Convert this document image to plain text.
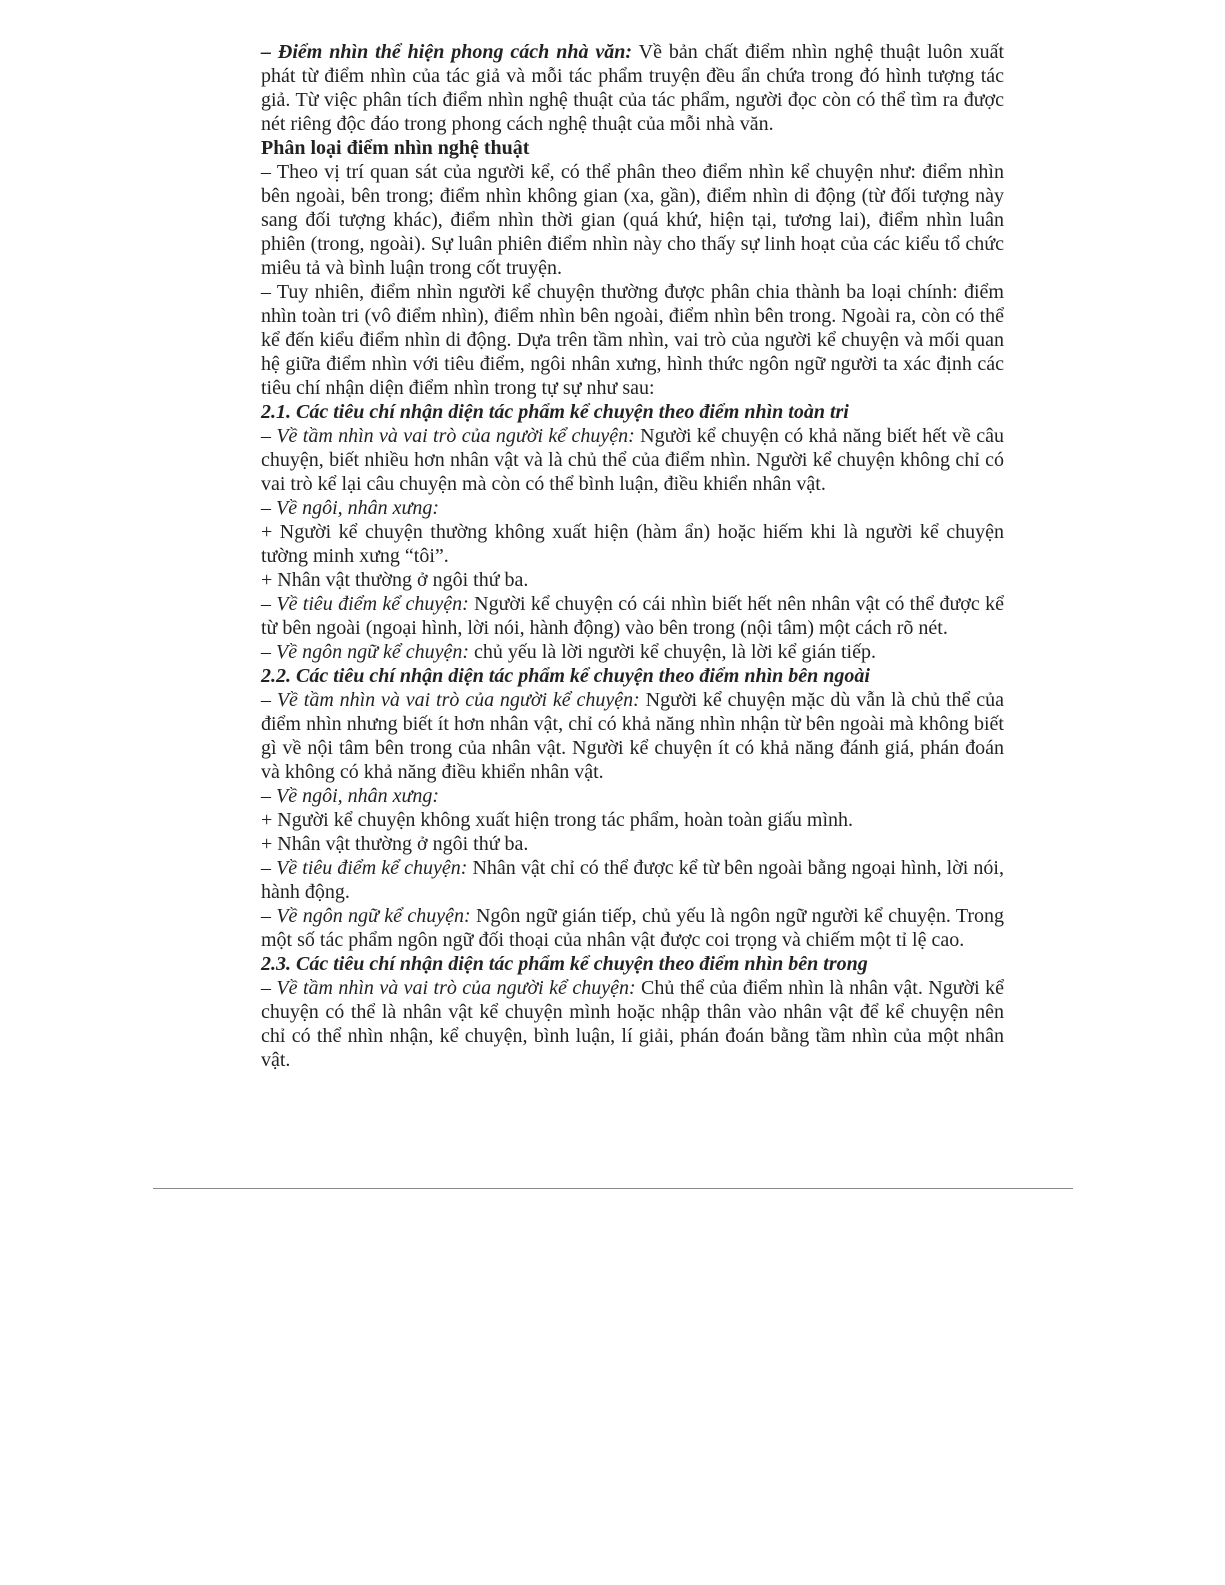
– Điểm nhìn thể hiện phong cách nhà văn: Về bản chất điểm nhìn nghệ thuật luôn xuất phát từ điểm nhìn của tác giả và mỗi tác phẩm truyện đều ẩn chứa trong đó hình tượng tác giả. Từ việc phân tích điểm nhìn nghệ thuật của tác phẩm, người đọc còn có thể tìm ra được nét riêng độc đáo trong phong cách nghệ thuật của mỗi nhà văn.

Phân loại điểm nhìn nghệ thuật

– Theo vị trí quan sát của người kể, có thể phân theo điểm nhìn kể chuyện như: điểm nhìn bên ngoài, bên trong; điểm nhìn không gian (xa, gần), điểm nhìn di động (từ đối tượng này sang đối tượng khác), điểm nhìn thời gian (quá khứ, hiện tại, tương lai), điểm nhìn luân phiên (trong, ngoài). Sự luân phiên điểm nhìn này cho thấy sự linh hoạt của các kiểu tổ chức miêu tả và bình luận trong cốt truyện.

– Tuy nhiên, điểm nhìn người kể chuyện thường được phân chia thành ba loại chính: điểm nhìn toàn tri (vô điểm nhìn), điểm nhìn bên ngoài, điểm nhìn bên trong. Ngoài ra, còn có thể kể đến kiểu điểm nhìn di động. Dựa trên tầm nhìn, vai trò của người kể chuyện và mối quan hệ giữa điểm nhìn với tiêu điểm, ngôi nhân xưng, hình thức ngôn ngữ người ta xác định các tiêu chí nhận diện điểm nhìn trong tự sự như sau:

2.1. Các tiêu chí nhận diện tác phẩm kể chuyện theo điểm nhìn toàn tri

– Về tầm nhìn và vai trò của người kể chuyện: Người kể chuyện có khả năng biết hết về câu chuyện, biết nhiều hơn nhân vật và là chủ thể của điểm nhìn. Người kể chuyện không chỉ có vai trò kể lại câu chuyện mà còn có thể bình luận, điều khiển nhân vật.

– Về ngôi, nhân xưng:

+ Người kể chuyện thường không xuất hiện (hàm ẩn) hoặc hiếm khi là người kể chuyện tường minh xưng “tôi”.

+ Nhân vật thường ở ngôi thứ ba.

– Về tiêu điểm kể chuyện: Người kể chuyện có cái nhìn biết hết nên nhân vật có thể được kể từ bên ngoài (ngoại hình, lời nói, hành động) vào bên trong (nội tâm) một cách rõ nét.

– Về ngôn ngữ kể chuyện: chủ yếu là lời người kể chuyện, là lời kể gián tiếp.

2.2. Các tiêu chí nhận diện tác phẩm kể chuyện theo điểm nhìn bên ngoài

– Về tầm nhìn và vai trò của người kể chuyện: Người kể chuyện mặc dù vẫn là chủ thể của điểm nhìn nhưng biết ít hơn nhân vật, chỉ có khả năng nhìn nhận từ bên ngoài mà không biết gì về nội tâm bên trong của nhân vật. Người kể chuyện ít có khả năng đánh giá, phán đoán và không có khả năng điều khiển nhân vật.

– Về ngôi, nhân xưng:

+ Người kể chuyện không xuất hiện trong tác phẩm, hoàn toàn giấu mình.

+ Nhân vật thường ở ngôi thứ ba.

– Về tiêu điểm kể chuyện: Nhân vật chỉ có thể được kể từ bên ngoài bằng ngoại hình, lời nói, hành động.

– Về ngôn ngữ kể chuyện: Ngôn ngữ gián tiếp, chủ yếu là ngôn ngữ người kể chuyện. Trong một số tác phẩm ngôn ngữ đối thoại của nhân vật được coi trọng và chiếm một tỉ lệ cao.

2.3. Các tiêu chí nhận diện tác phẩm kể chuyện theo điểm nhìn bên trong

– Về tầm nhìn và vai trò của người kể chuyện: Chủ thể của điểm nhìn là nhân vật. Người kể chuyện có thể là nhân vật kể chuyện mình hoặc nhập thân vào nhân vật để kể chuyện nên chỉ có thể nhìn nhận, kể chuyện, bình luận, lí giải, phán đoán bằng tầm nhìn của một nhân vật.
